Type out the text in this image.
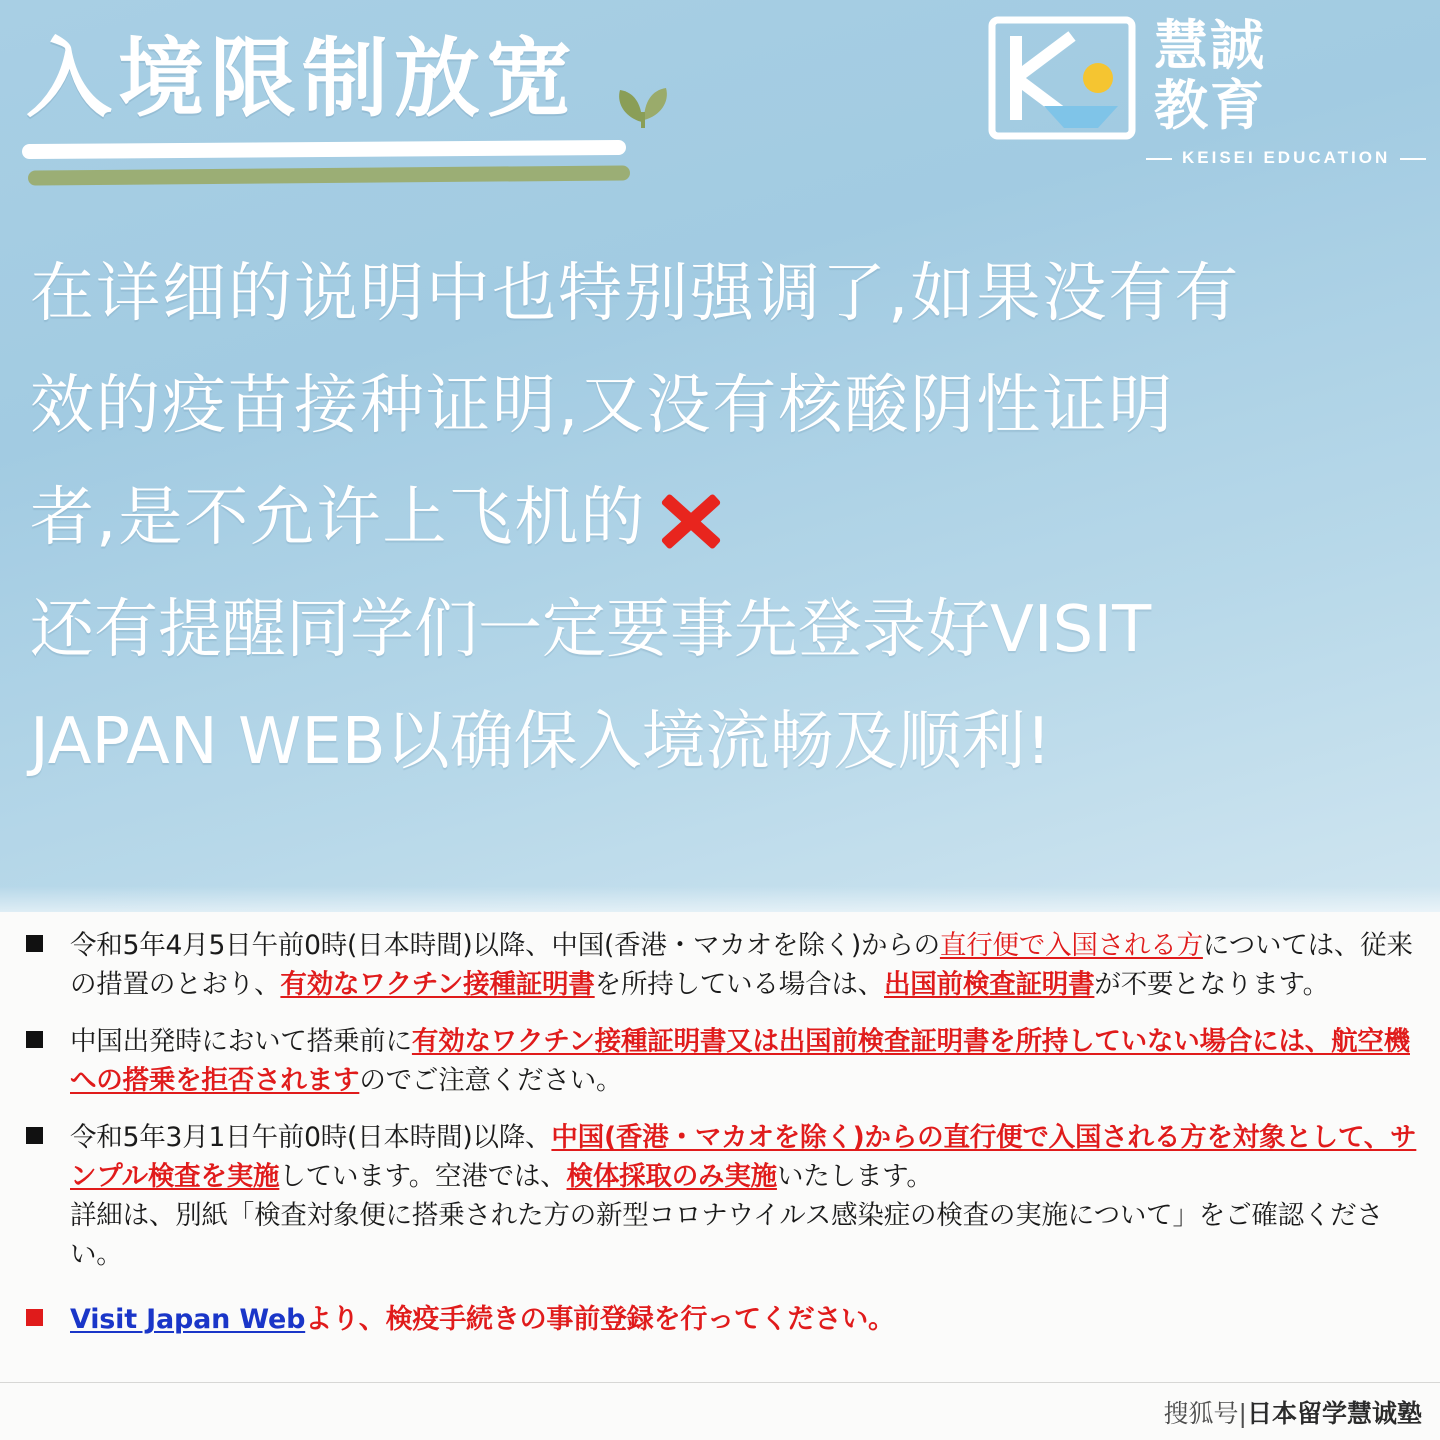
入境限制放宽	慧誠
教育
KEISEI EDUCATION
在详细的说明中也特别强调了,如果没有有
效的疫苗接种证明,又没有核酸阴性证明
者,是不允许上飞机的
还有提醒同学们一定要事先登录好VISIT
JAPAN WEB以确保入境流畅及顺利!
令和5年4月5日午前0時(日本時間)以降、中国(香港・マカオを除く)からの直行便で入国される方については、従来の措置のとおり、有効なワクチン接種証明書を所持している場合は、出国前検査証明書が不要となります。
中国出発時において搭乗前に有効なワクチン接種証明書又は出国前検査証明書を所持していない場合には、航空機への搭乗を拒否されますのでご注意ください。
令和5年3月1日午前0時(日本時間)以降、中国(香港・マカオを除く)からの直行便で入国される方を対象として、サンプル検査を実施しています。空港では、検体採取のみ実施いたします。
詳細は、別紙「検査対象便に搭乗された方の新型コロナウイルス感染症の検査の実施について」をご確認ください。
Visit Japan Webより、検疫手続きの事前登録を行ってください。
搜狐号|日本留学慧诚塾
